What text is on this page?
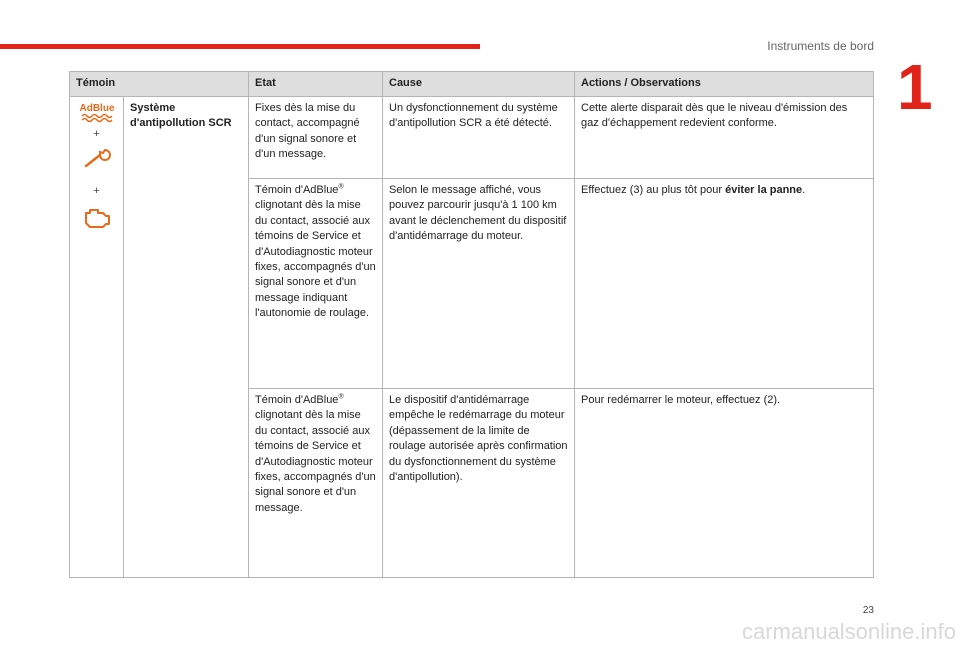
Instruments de bord
1
Témoin		Etat	Cause	Actions / Observations

AdBlue
+
+	Système d'antipollution SCR	Fixes dès la mise du contact, accompagné d'un signal sonore et d'un message.	Un dysfonctionnement du système d'antipollution SCR a été détecté.	Cette alerte disparait dès que le niveau d'émission des gaz d'échappement redevient conforme.
		Témoin d'AdBlue® clignotant dès la mise du contact, associé aux témoins de Service et d'Autodiagnostic moteur fixes, accompagnés d'un signal sonore et d'un message indiquant l'autonomie de roulage.	Selon le message affiché, vous pouvez parcourir jusqu'à 1 100 km avant le déclenchement du dispositif d'antidémarrage du moteur.	Effectuez (3) au plus tôt pour éviter la panne.
		Témoin d'AdBlue® clignotant dès la mise du contact, associé aux témoins de Service et d'Autodiagnostic moteur fixes, accompagnés d'un signal sonore et d'un message.	Le dispositif d'antidémarrage empêche le redémarrage du moteur (dépassement de la limite de roulage autorisée après confirmation du dysfonctionnement du système d'antipollution).	Pour redémarrer le moteur, effectuez (2).
23
carmanualsonline.info
